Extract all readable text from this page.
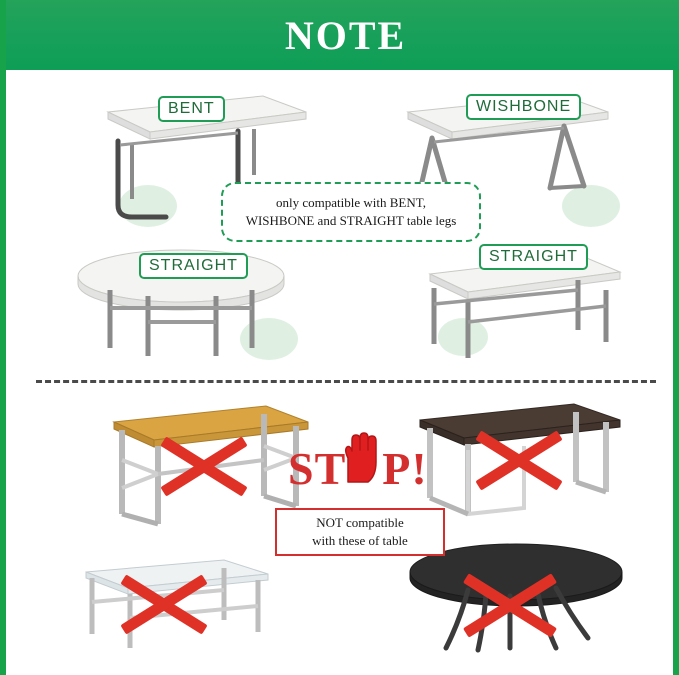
NOTE
BENT	WISHBONE
STRAIGHT
STRAIGHT
only compatible with BENT,
WISHBONE and STRAIGHT table legs
ST P!
NOT compatible
with these of table
